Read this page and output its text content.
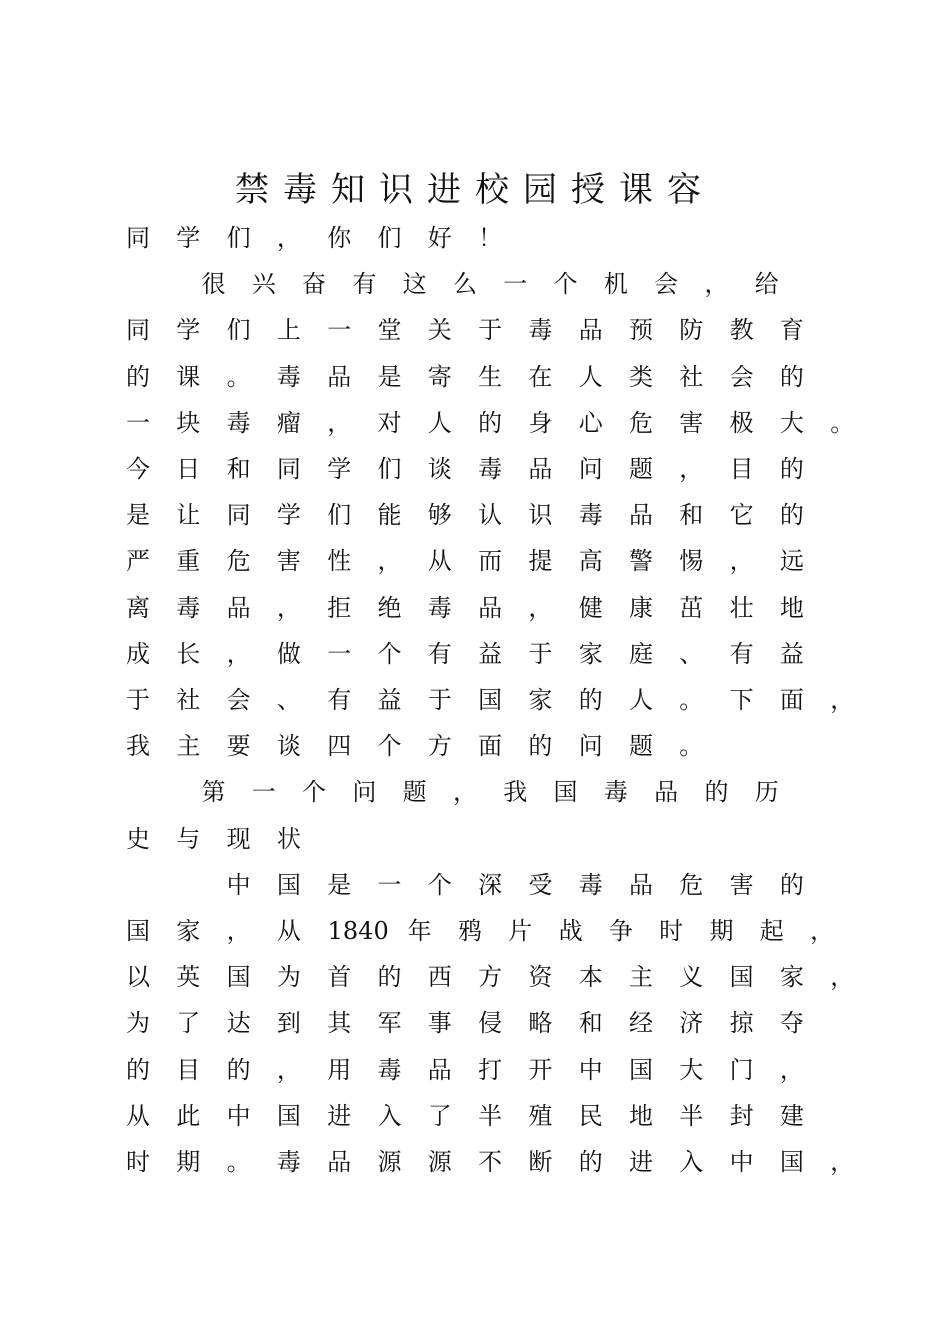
禁毒知识进校园授课容
同 学 们 ， 你 们 好 ！
很 兴 奋 有 这 么 一 个 机 会 ， 给
同 学 们 上 一 堂 关 于 毒 品 预 防 教 育
的 课 。 毒 品 是 寄 生 在 人 类 社 会 的
一 块 毒 瘤 ， 对 人 的 身 心 危 害 极 大 。
今 日 和 同 学 们 谈 毒 品 问 题 ， 目 的
是 让 同 学 们 能 够 认 识 毒 品 和 它 的
严 重 危 害 性 ， 从 而 提 高 警 惕 ， 远
离 毒 品 ， 拒 绝 毒 品 ， 健 康 茁 壮 地
成 长 ， 做 一 个 有 益 于 家 庭 、 有 益
于 社 会 、 有 益 于 国 家 的 人 。 下 面 ，
我 主 要 谈 四 个 方 面 的 问 题 。
第 一 个 问 题 ， 我 国 毒 品 的 历
史 与 现 状
中 国 是 一 个 深 受 毒 品 危 害 的
国 家 ， 从 1840 年 鸦 片 战 争 时 期 起 ，
以 英 国 为 首 的 西 方 资 本 主 义 国 家 ，
为 了 达 到 其 军 事 侵 略 和 经 济 掠 夺
的 目 的 ， 用 毒 品 打 开 中 国 大 门 ，
从 此 中 国 进 入 了 半 殖 民 地 半 封 建
时 期 。 毒 品 源 源 不 断 的 进 入 中 国 ，
